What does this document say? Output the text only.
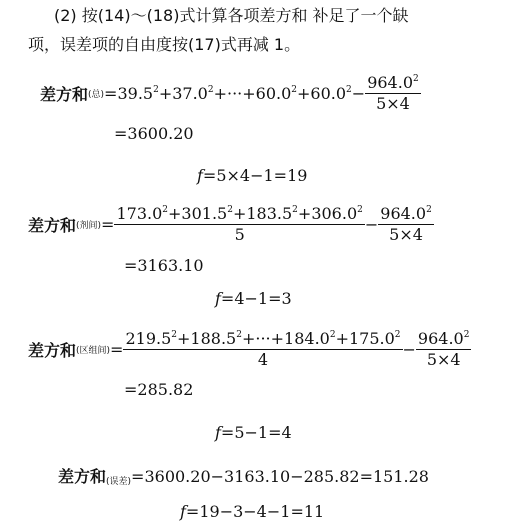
(2) 按(14)～(18)式计算各项差方和 补足了一个缺
项，误差项的自由度按(17)式再减 1。
差方和 (总) $=39.5^2+37.0^2+\cdot\cdot\cdot+60.0^2+60.0^2- \frac{964.0^2}{5\times 4}$
=3600.20
f=5×4−1=19
差方和 (剂间) = $\frac{173.0^2+301.5^2+183.5^2+306.0^2}{5} - \frac{964.0^2}{5\times 4}$
=3163.10
f=4−1=3
差方和 (区组间) = $\frac{219.5^2+188.5^2+\cdot\cdot\cdot+184.0^2+175.0^2}{4} - \frac{964.0^2}{5\times 4}$
=285.82
f=5−1=4
差方和$_{(误差)}$=3600.20−3163.10−285.82=151.28
f=19−3−4−1=11
